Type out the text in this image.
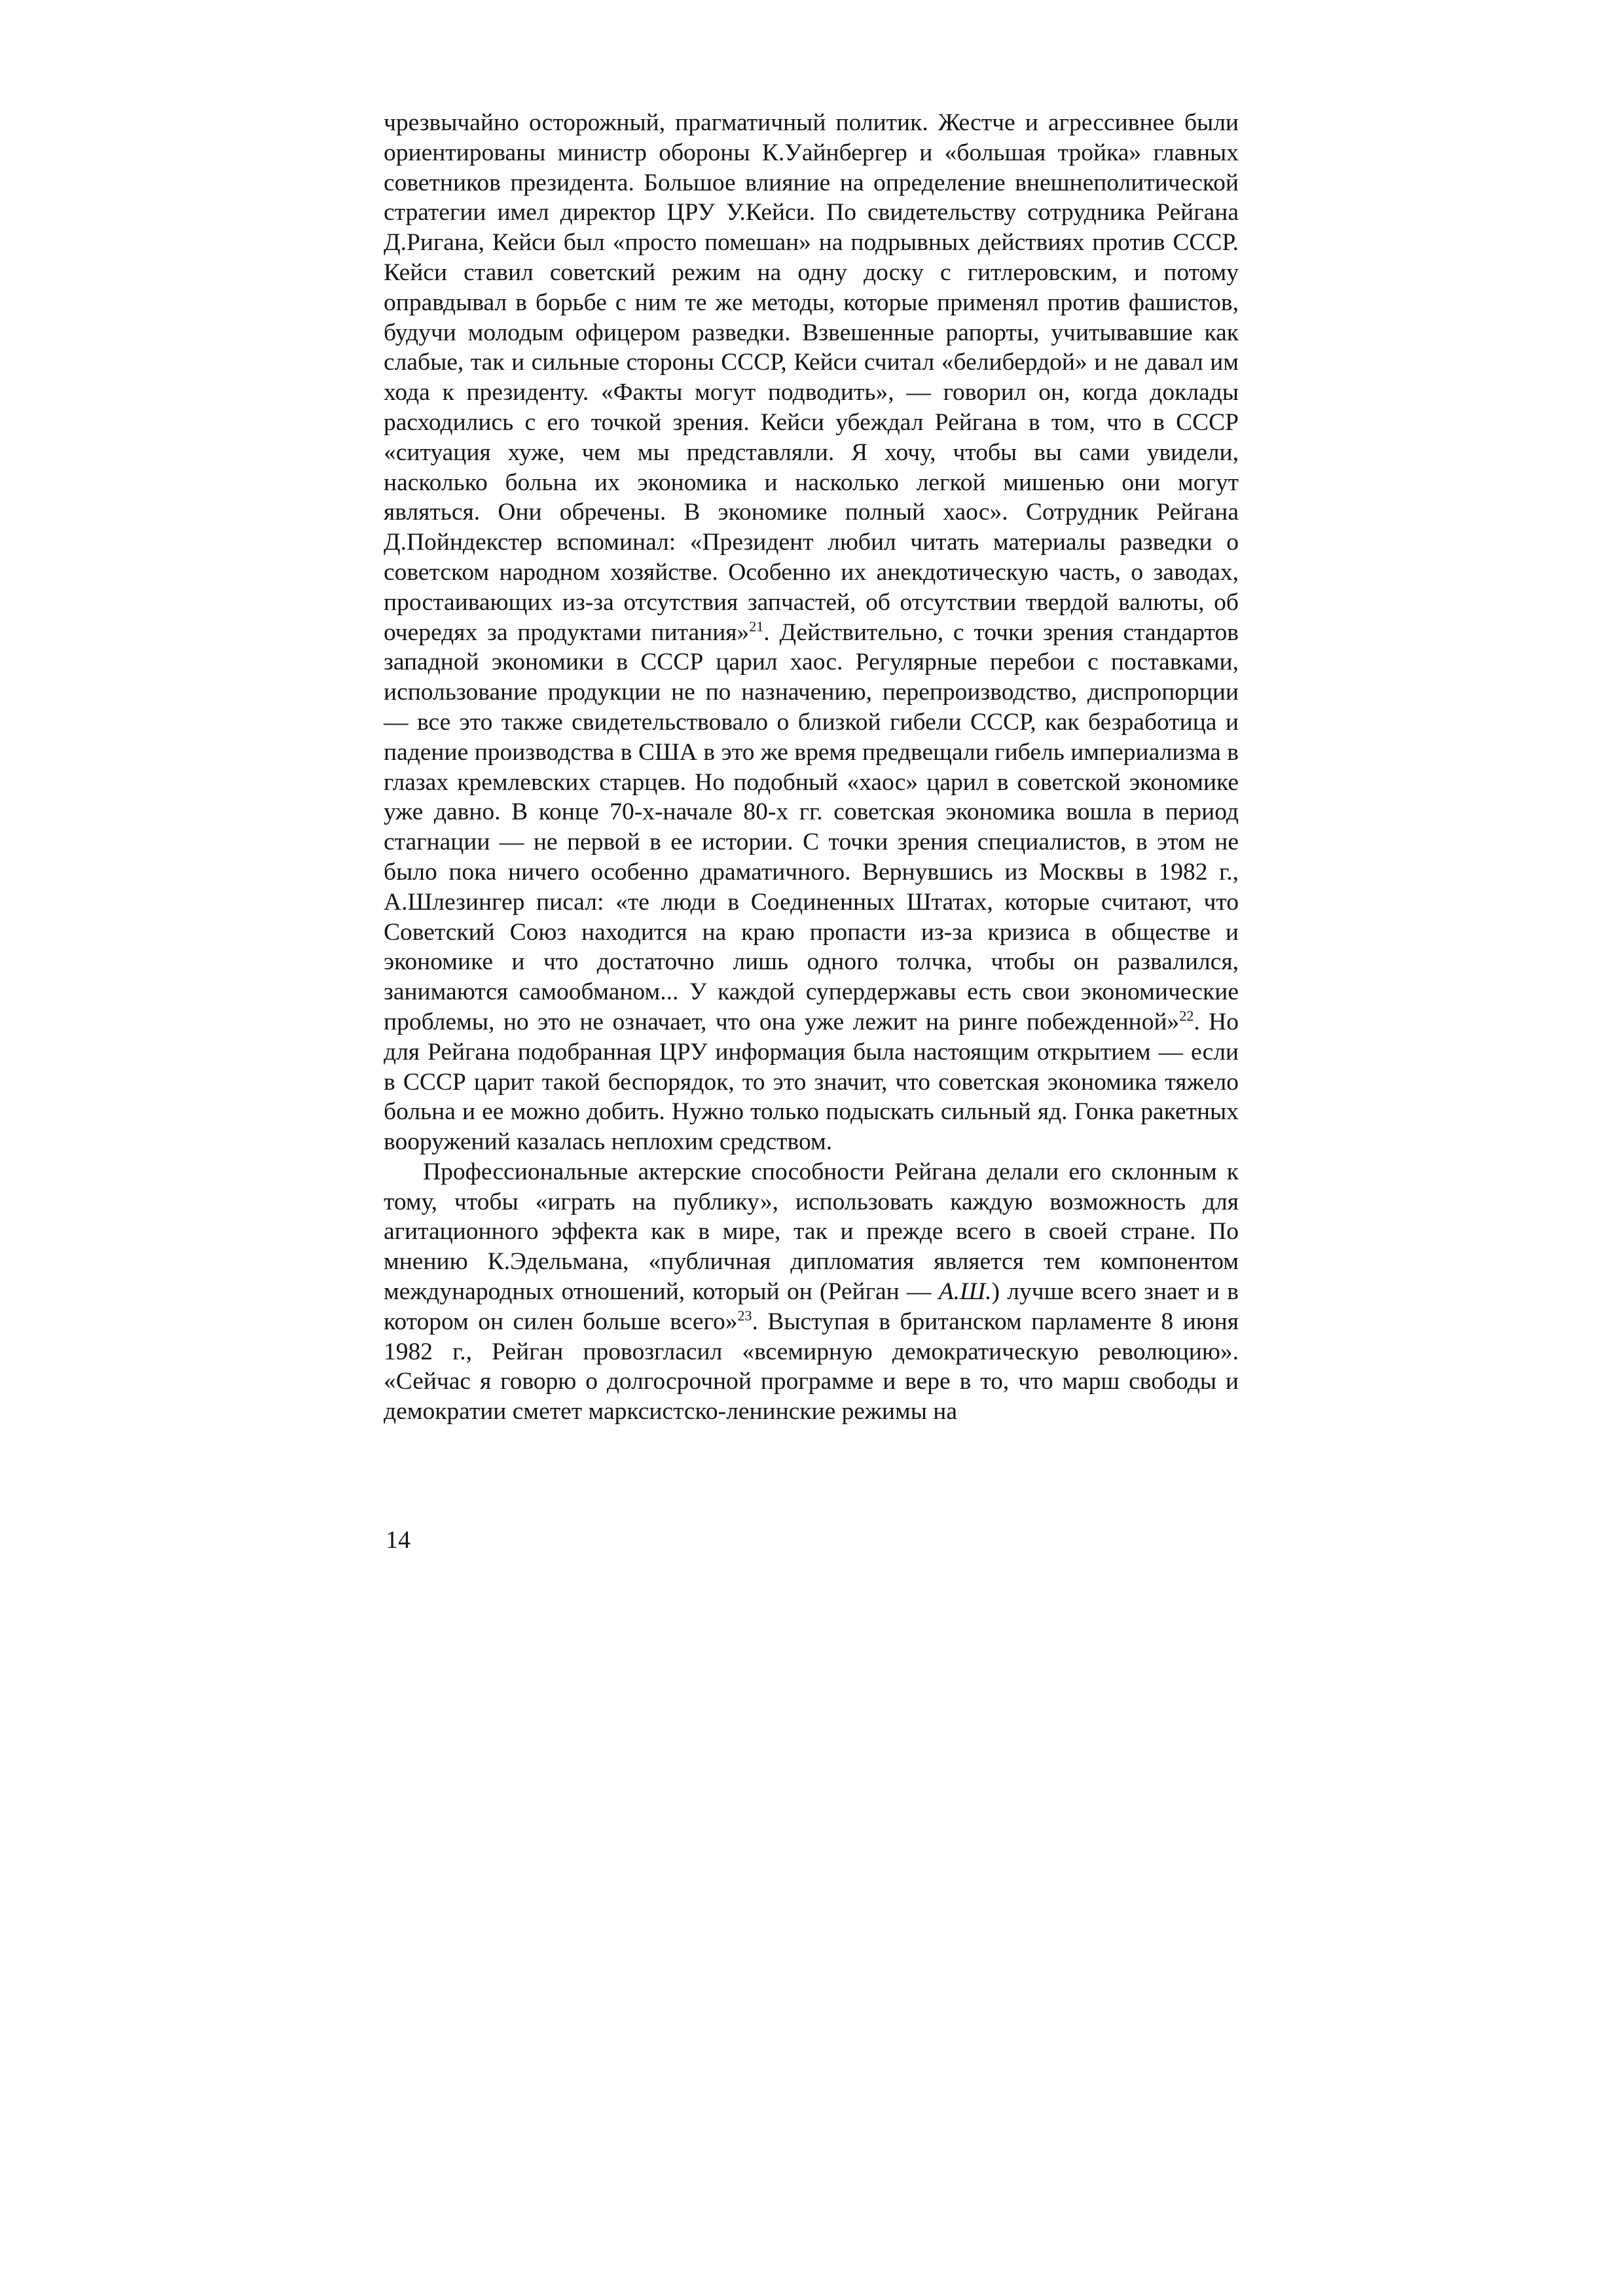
чрезвычайно осторожный, прагматичный политик. Жестче и агрессивнее были ориентированы министр обороны К.Уайнбергер и «большая тройка» главных советников президента. Большое влияние на определение внешнеполитической стратегии имел директор ЦРУ У.Кейси. По свидетельству сотрудника Рейгана Д.Ригана, Кейси был «просто помешан» на подрывных действиях против СССР. Кейси ставил советский режим на одну доску с гитлеровским, и потому оправдывал в борьбе с ним те же методы, которые применял против фашистов, будучи молодым офицером разведки. Взвешенные рапорты, учитывавшие как слабые, так и сильные стороны СССР, Кейси считал «белибердой» и не давал им хода к президенту. «Факты могут подводить», — говорил он, когда доклады расходились с его точкой зрения. Кейси убеждал Рейгана в том, что в СССР «ситуация хуже, чем мы представляли. Я хочу, чтобы вы сами увидели, насколько больна их экономика и насколько легкой мишенью они могут являться. Они обречены. В экономике полный хаос». Сотрудник Рейгана Д.Пойндекстер вспоминал: «Президент любил читать материалы разведки о советском народном хозяйстве. Особенно их анекдотическую часть, о заводах, простаивающих из-за отсутствия запчастей, об отсутствии твердой валюты, об очередях за продуктами питания»$^{21}$. Действительно, с точки зрения стандартов западной экономики в СССР царил хаос. Регулярные перебои с поставками, использование продукции не по назначению, перепроизводство, диспропорции — все это также свидетельствовало о близкой гибели СССР, как безработица и падение производства в США в это же время предвещали гибель империализма в глазах кремлевских старцев. Но подобный «хаос» царил в советской экономике уже давно. В конце 70-х-начале 80-х гг. советская экономика вошла в период стагнации — не первой в ее истории. С точки зрения специалистов, в этом не было пока ничего особенно драматичного. Вернувшись из Москвы в 1982 г., А.Шлезингер писал: «те люди в Соединенных Штатах, которые считают, что Советский Союз находится на краю пропасти из-за кризиса в обществе и экономике и что достаточно лишь одного толчка, чтобы он развалился, занимаются самообманом... У каждой супердержавы есть свои экономические проблемы, но это не означает, что она уже лежит на ринге побежденной»$^{22}$. Но для Рейгана подобранная ЦРУ информация была настоящим открытием — если в СССР царит такой беспорядок, то это значит, что советская экономика тяжело больна и ее можно добить. Нужно только подыскать сильный яд. Гонка ракетных вооружений казалась неплохим средством.

Профессиональные актерские способности Рейгана делали его склонным к тому, чтобы «играть на публику», использовать каждую возможность для агитационного эффекта как в мире, так и прежде всего в своей стране. По мнению К.Эдельмана, «публичная дипломатия является тем компонентом международных отношений, который он (Рейган — А.Ш.) лучше всего знает и в котором он силен больше всего»$^{23}$. Выступая в британском парламенте 8 июня 1982 г., Рейган провозгласил «всемирную демократическую революцию». «Сейчас я говорю о долгосрочной программе и вере в то, что марш свободы и демократии сметет марксистско-ленинские режимы на

14
